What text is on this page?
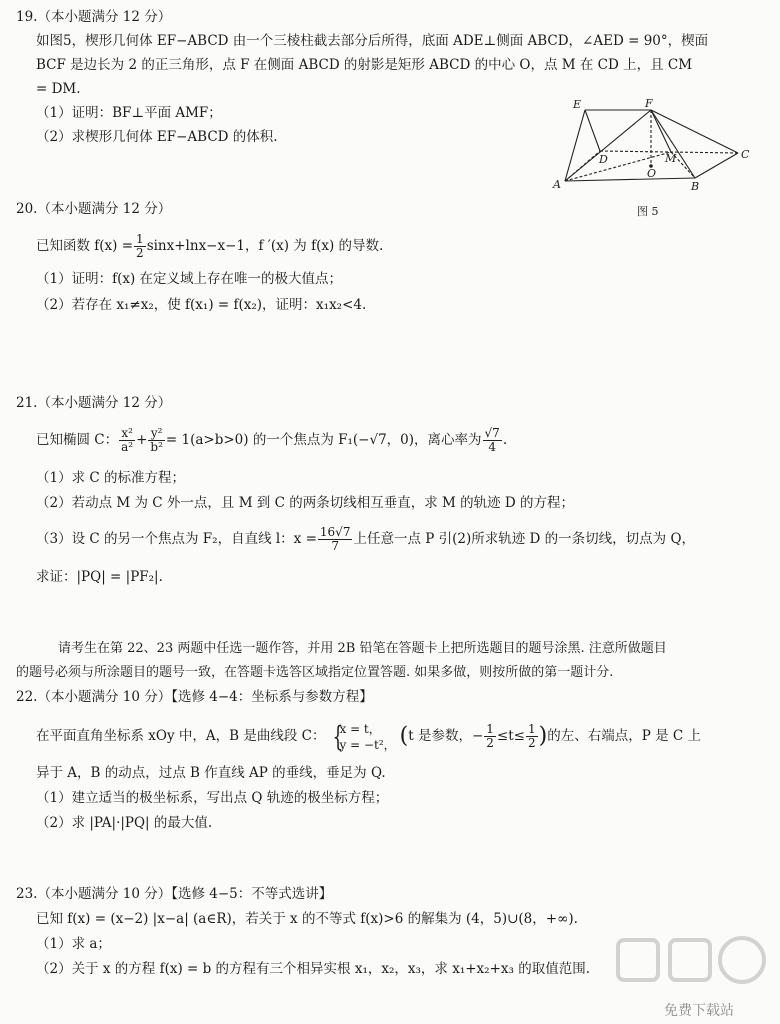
19.（本小题满分 12 分）
如图5，楔形几何体 EF−ABCD 由一个三棱柱截去部分后所得，底面 ADE⊥侧面 ABCD，∠AED = 90°，楔面
BCF 是边长为 2 的正三角形，点 F 在侧面 ABCD 的射影是矩形 ABCD 的中心 O，点 M 在 CD 上，且 CM
= DM.
（1）证明：BF⊥平面 AMF；
（2）求楔形几何体 EF−ABCD 的体积.
E	F
D	M	C
O
A	B
图 5
20.（本小题满分 12 分）
已知函数 $f(x) = \frac{1}{2} \sin x+\ln x-x-1$，f ′(x) 为 f(x) 的导数.
（1）证明：f(x) 在定义域上存在唯一的极大值点；
（2）若存在 x₁≠x₂，使 f(x₁) = f(x₂)，证明：x₁x₂<4.
21.（本小题满分 12 分）
已知椭圆 C： $\frac{\text{x²}}{\text{a²}} + \frac{\text{y²}}{\text{b²}} = 1(a>b>0)$ 的一个焦点为 F₁(−√7，0)，离心率为 $\frac{√7}{4}$ .
（1）求 C 的标准方程；
（2）若动点 M 为 C 外一点，且 M 到 C 的两条切线相互垂直，求 M 的轨迹 D 的方程；
（3）设 C 的另一个焦点为 F₂，自直线 l：$x = \frac{16√7}{7}$ 上任意一点 P 引(2)所求轨迹 D 的一条切线，切点为 Q，
求证：|PQ| = |PF₂|.
请考生在第 22、23 两题中任选一题作答，并用 2B 铅笔在答题卡上把所选题目的题号涂黑. 注意所做题目
的题号必须与所涂题目的题号一致，在答题卡选答区域指定位置答题. 如果多做，则按所做的第一题计分.
22.（本小题满分 10 分）【选修 4−4：坐标系与参数方程】
在平面直角坐标系 xOy 中，A，B 是曲线段 C： {
x = t，
y = −t²， (t 是参数，− $\frac{1}{2} \le t\le \frac{1}{2}$ )的左、右端点，P 是 C 上
异于 A，B 的动点，过点 B 作直线 AP 的垂线，垂足为 Q.
（1）建立适当的极坐标系，写出点 Q 轨迹的极坐标方程；
（2）求 |PA|·|PQ| 的最大值.
23.（本小题满分 10 分）【选修 4−5：不等式选讲】
已知 f(x) = (x−2) |x−a| (a∈R)，若关于 x 的不等式 f(x)>6 的解集为 (4，5)∪(8，+∞).
（1）求 a；
（2）关于 x 的方程 f(x) = b 的方程有三个相异实根 x₁，x₂，x₃，求 x₁+x₂+x₃ 的取值范围.
免费下载站
